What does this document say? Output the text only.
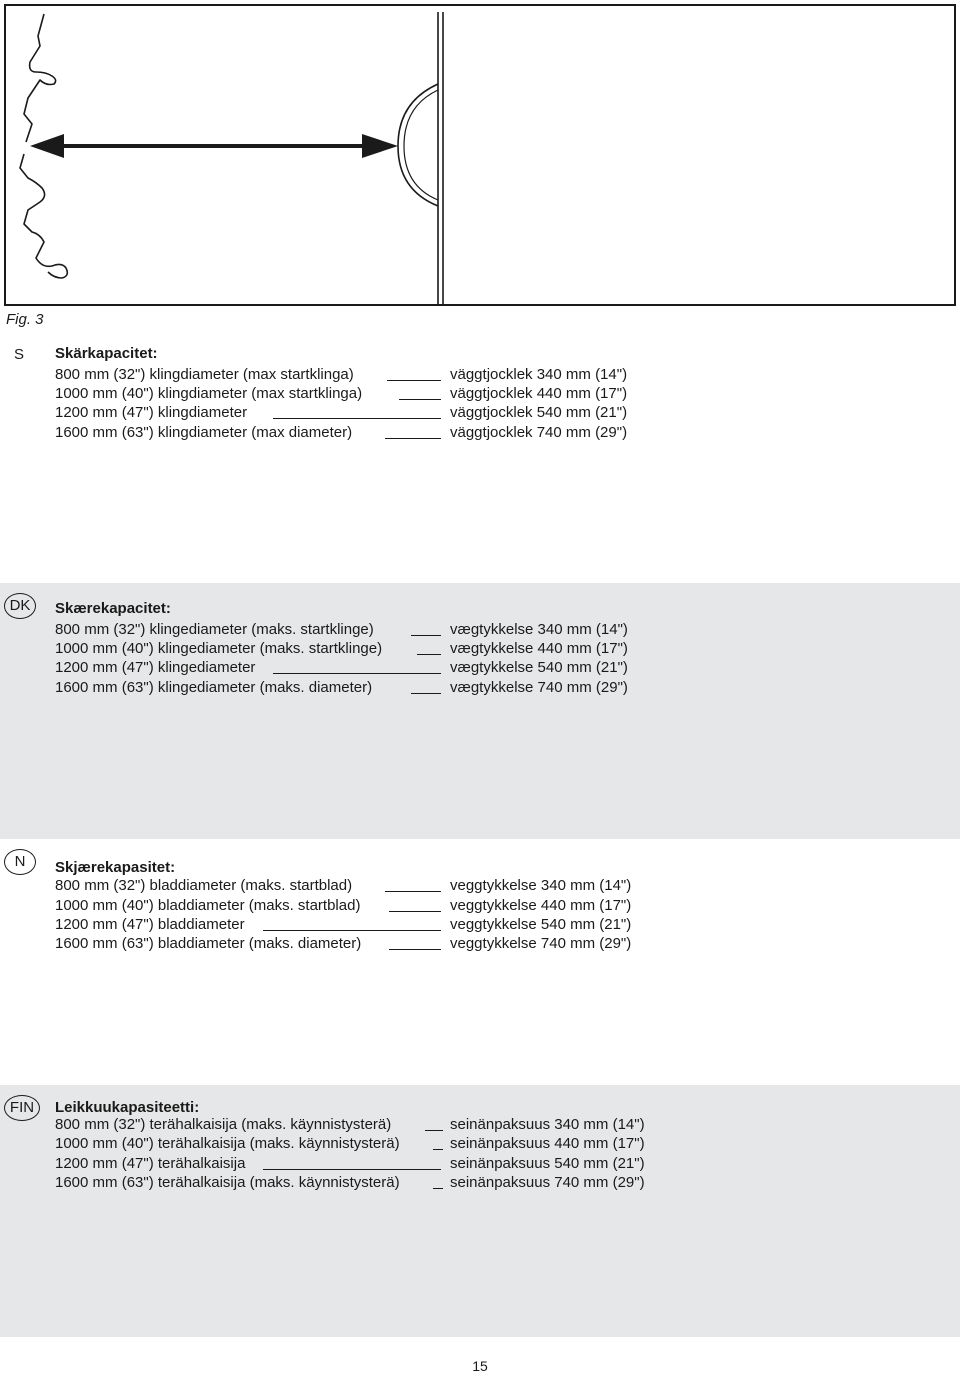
Fig. 3
S	Skärkapacitet:
800 mm (32") klingdiameter (max startklinga)	väggtjocklek 340 mm (14")
1000 mm (40") klingdiameter (max startklinga)	väggtjocklek 440 mm (17")
1200 mm (47") klingdiameter	väggtjocklek 540 mm (21")
1600 mm (63") klingdiameter (max diameter)	väggtjocklek 740 mm (29")
DK	Skærekapacitet:
800 mm (32") klingediameter (maks. startklinge)	vægtykkelse 340 mm (14")
1000 mm (40") klingediameter (maks. startklinge)	vægtykkelse 440 mm (17")
1200 mm (47") klingediameter	vægtykkelse 540 mm (21")
1600 mm (63") klingediameter (maks. diameter)	vægtykkelse 740 mm (29")
N	Skjærekapasitet:
800 mm (32") bladdiameter (maks. startblad)	veggtykkelse 340 mm (14")
1000 mm (40") bladdiameter (maks. startblad)	veggtykkelse 440 mm (17")
1200 mm (47") bladdiameter	veggtykkelse 540 mm (21")
1600 mm (63") bladdiameter (maks. diameter)	veggtykkelse 740 mm (29")
FIN	Leikkuukapasiteetti:
800 mm (32") terähalkaisija (maks. käynnistysterä)	seinänpaksuus 340 mm (14")
1000 mm (40") terähalkaisija (maks. käynnistysterä)	seinänpaksuus 440 mm (17")
1200 mm (47") terähalkaisija	seinänpaksuus 540 mm (21")
1600 mm (63") terähalkaisija (maks. käynnistysterä)	seinänpaksuus 740 mm (29")
15
